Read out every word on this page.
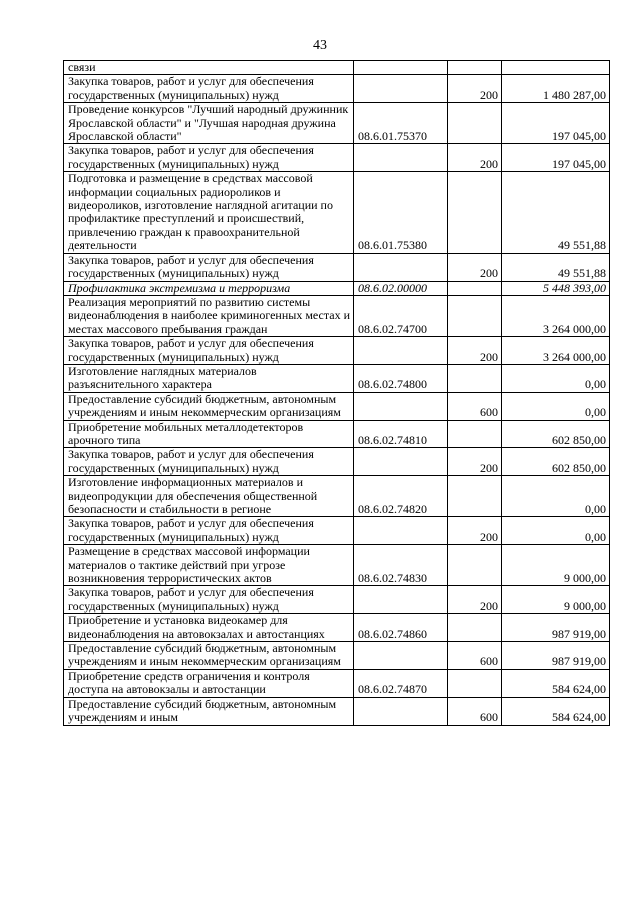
43
связи			
Закупка товаров, работ и услуг для обеспечения государственных (муниципальных) нужд		200	1 480 287,00
Проведение конкурсов "Лучший народный дружинник Ярославской области" и "Лучшая народная дружина Ярославской области"	08.6.01.75370		197 045,00
Закупка товаров, работ и услуг для обеспечения государственных (муниципальных) нужд		200	197 045,00
Подготовка и размещение в средствах массовой информации социальных радиороликов и видеороликов, изготовление наглядной агитации по профилактике преступлений и происшествий, привлечению граждан к правоохранительной деятельности	08.6.01.75380		49 551,88
Закупка товаров, работ и услуг для обеспечения государственных (муниципальных) нужд		200	49 551,88
Профилактика экстремизма и терроризма	08.6.02.00000		5 448 393,00
Реализация мероприятий по развитию системы видеонаблюдения в наиболее криминогенных местах и местах массового пребывания граждан	08.6.02.74700		3 264 000,00
Закупка товаров, работ и услуг для обеспечения государственных (муниципальных) нужд		200	3 264 000,00
Изготовление наглядных материалов разъяснительного характера	08.6.02.74800		0,00
Предоставление субсидий бюджетным, автономным учреждениям и иным некоммерческим организациям		600	0,00
Приобретение мобильных металлодетекторов арочного типа	08.6.02.74810		602 850,00
Закупка товаров, работ и услуг для обеспечения государственных (муниципальных) нужд		200	602 850,00
Изготовление информационных материалов и видеопродукции для обеспечения общественной безопасности и стабильности в регионе	08.6.02.74820		0,00
Закупка товаров, работ и услуг для обеспечения государственных (муниципальных) нужд		200	0,00
Размещение в средствах массовой информации материалов о тактике действий при угрозе возникновения террористических актов	08.6.02.74830		9 000,00
Закупка товаров, работ и услуг для обеспечения государственных (муниципальных) нужд		200	9 000,00
Приобретение и установка видеокамер для видеонаблюдения на автовокзалах и автостанциях	08.6.02.74860		987 919,00
Предоставление субсидий бюджетным, автономным учреждениям и иным некоммерческим организациям		600	987 919,00
Приобретение средств ограничения и контроля доступа на автовокзалы и автостанции	08.6.02.74870		584 624,00
Предоставление субсидий бюджетным, автономным учреждениям и иным		600	584 624,00
